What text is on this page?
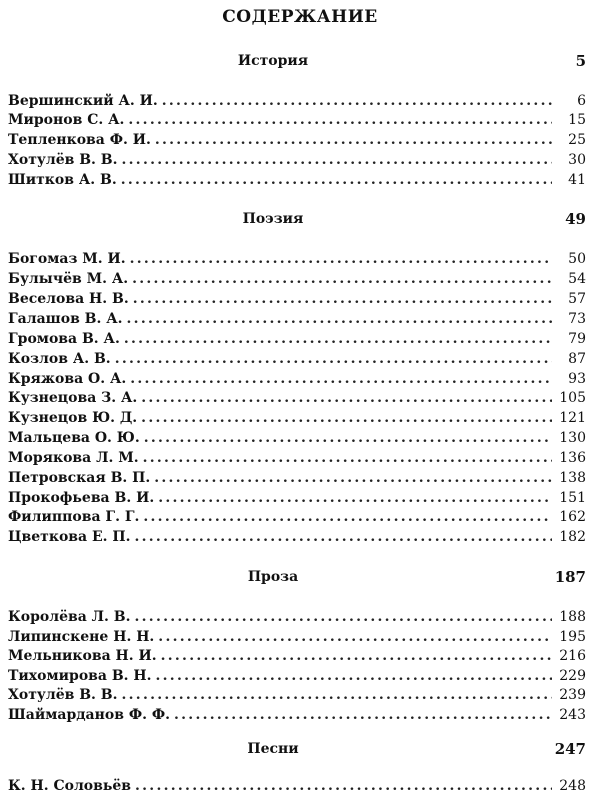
СОДЕРЖАНИЕ
История	5
Вершинский А. И. . . .	6
Миронов С. А. . . .	15
Тепленкова Ф. И. . . .	25
Хотулёв В. В. . . .	30
Шитков А. В. . . .	41
Поэзия	49
Богомаз М. И. . . .	50
Булычёв М. А. . . .	54
Веселова Н. В. . . .	57
Галашов В. А. . . .	73
Громова В. А. . . .	79
Козлов А. В. . . .	87
Кряжова О. А. . . .	93
Кузнецова З. А. . . .	105
Кузнецов Ю. Д. . . .	121
Мальцева О. Ю. . . .	130
Морякова Л. М. . . .	136
Петровская В. П. . . .	138
Прокофьева В. И. . . .	151
Филиппова Г. Г. . . .	162
Цветкова Е. П. . . .	182
Проза	187
Королёва Л. В. . . .	188
Липинскене Н. Н. . . .	195
Мельникова Н. И. . . .	216
Тихомирова В. Н. . . .	229
Хотулёв В. В. . . .	239
Шаймарданов Ф. Ф. . . .	243
Песни	247
К. Н. Соловьёв . . .	248
